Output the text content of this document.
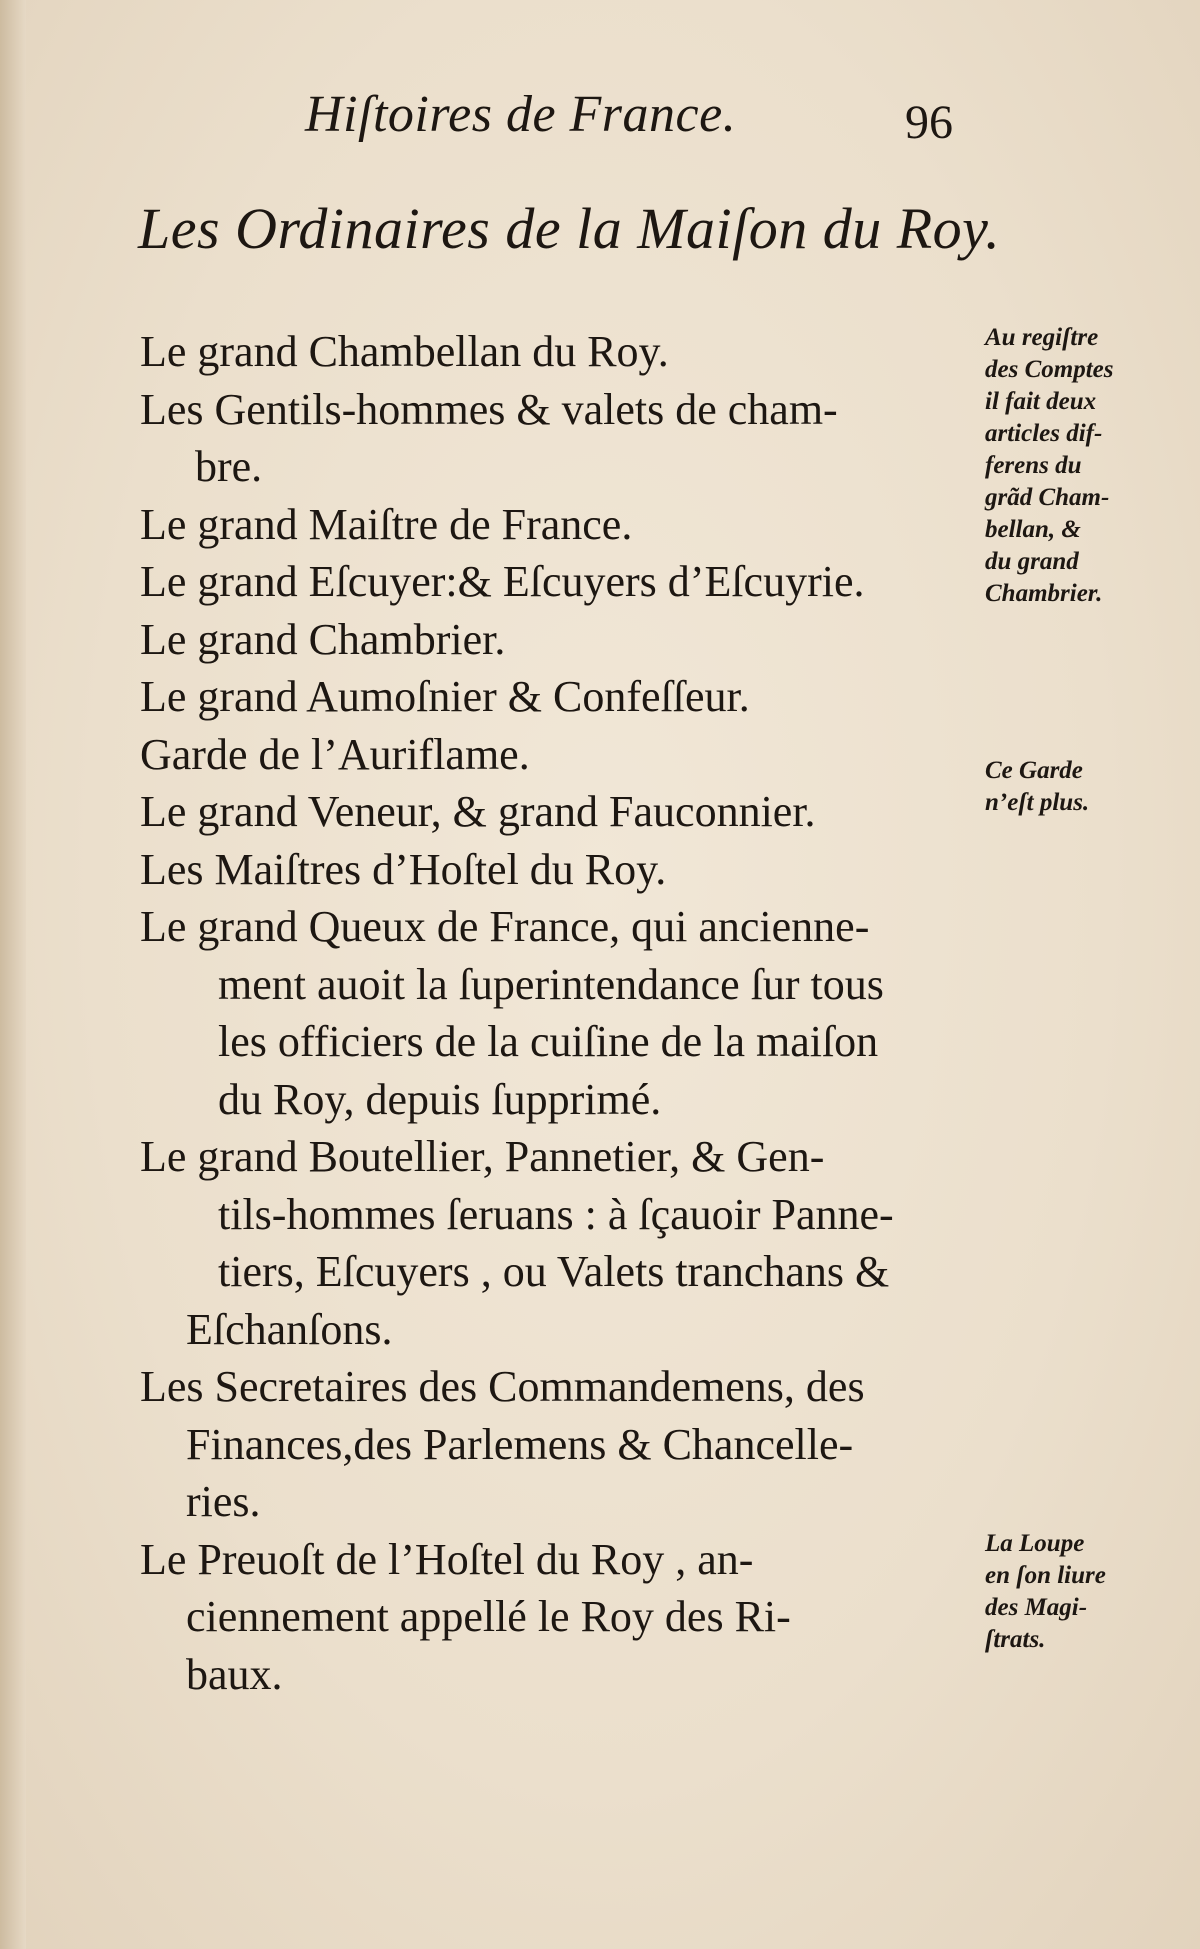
Hiſtoires de France.	96
Les Ordinaires de la Maiſon du Roy.
Le grand Chambellan du Roy.
Les Gentils-hommes & valets de cham-
bre.
Le grand Maiſtre de France.
Le grand Eſcuyer:& Eſcuyers d’Eſcuyrie.
Le grand Chambrier.
Le grand Aumoſnier & Confeſſeur.
Garde de l’Auriflame.
Le grand Veneur, & grand Fauconnier.
Les Maiſtres d’Hoſtel du Roy.
Le grand Queux de France, qui ancienne-
ment auoit la ſuperintendance ſur tous
les officiers de la cuiſine de la maiſon
du Roy, depuis ſupprimé.
Le grand Boutellier, Pannetier, & Gen-
tils-hommes ſeruans : à ſçauoir Panne-
tiers, Eſcuyers , ou Valets tranchans &
Eſchanſons.
Les Secretaires des Commandemens, des
Finances,des Parlemens & Chancelle-
ries.
Le Preuoſt de l’Hoſtel du Roy , an-
ciennement appellé le Roy des Ri-
baux.
Au regiſtre
des Comptes
il fait deux
articles dif-
ferens du
grãd Cham-
bellan, &
du grand
Chambrier.
Ce Garde
n’eſt plus.
La Loupe
en ſon liure
des Magi-
ſtrats.
